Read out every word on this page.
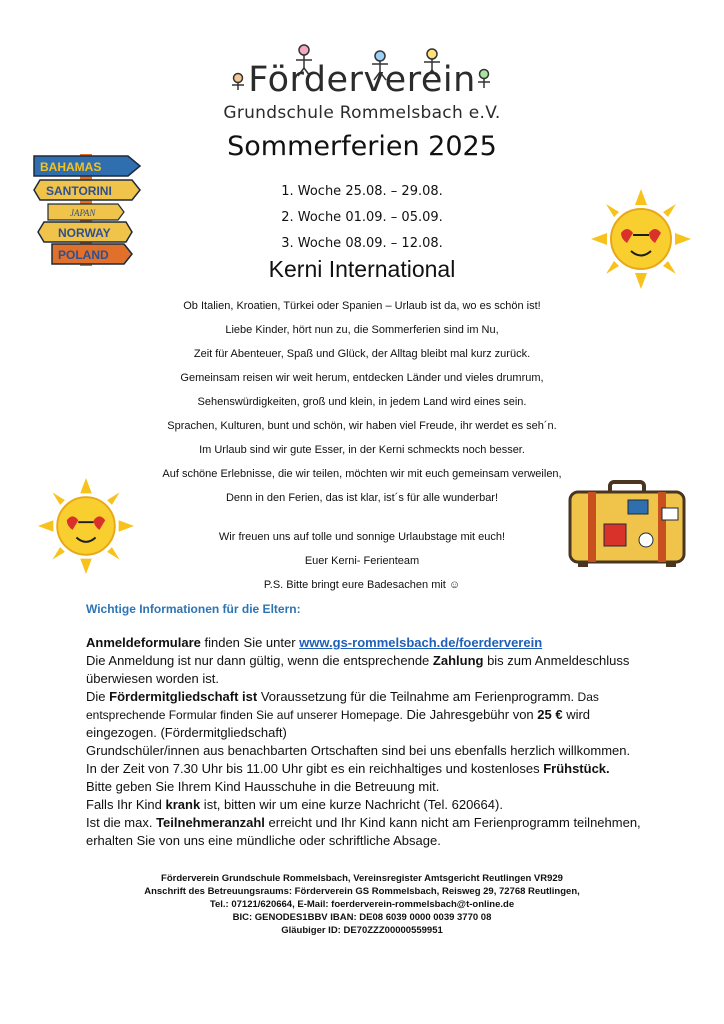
Förderverein
Grundschule Rommelsbach e.V.
Sommerferien 2025
1. Woche 25.08. – 29.08.
2. Woche 01.09. – 05.09.
3. Woche 08.09. – 12.08.
BAHAMAS
SANTORINI
JAPAN
NORWAY
POLAND
Kerni International
Ob Italien, Kroatien, Türkei oder Spanien – Urlaub ist da, wo es schön ist!
Liebe Kinder, hört nun zu, die Sommerferien sind im Nu,
Zeit für Abenteuer, Spaß und Glück, der Alltag bleibt mal kurz zurück.
Gemeinsam reisen wir weit herum, entdecken Länder und vieles drumrum,
Sehenswürdigkeiten, groß und klein, in jedem Land wird eines sein.
Sprachen, Kulturen, bunt und schön, wir haben viel Freude, ihr werdet es seh´n.
Im Urlaub sind wir gute Esser, in der Kerni schmeckts noch besser.
Auf schöne Erlebnisse, die wir teilen, möchten wir mit euch gemeinsam verweilen,
Denn in den Ferien, das ist klar, ist´s für alle wunderbar!
Wir freuen uns auf tolle und sonnige Urlaubstage mit euch!
Euer Kerni- Ferienteam
P.S. Bitte bringt eure Badesachen mit ☺
Wichtige Informationen für die Eltern:

Anmeldeformulare finden Sie unter www.gs-rommelsbach.de/foerderverein

Die Anmeldung ist nur dann gültig, wenn die entsprechende Zahlung bis zum Anmeldeschluss überwiesen worden ist.

Die Fördermitgliedschaft ist Voraussetzung für die Teilnahme am Ferienprogramm. Das entsprechende Formular finden Sie auf unserer Homepage. Die Jahresgebühr von 25 € wird eingezogen. (Fördermitgliedschaft)

Grundschüler/innen aus benachbarten Ortschaften sind bei uns ebenfalls herzlich willkommen.

In der Zeit von 7.30 Uhr bis 11.00 Uhr gibt es ein reichhaltiges und kostenloses Frühstück.

Bitte geben Sie Ihrem Kind Hausschuhe in die Betreuung mit.

Falls Ihr Kind krank ist, bitten wir um eine kurze Nachricht (Tel. 620664).

Ist die max. Teilnehmeranzahl erreicht und Ihr Kind kann nicht am Ferienprogramm teilnehmen, erhalten Sie von uns eine mündliche oder schriftliche Absage.

Förderverein Grundschule Rommelsbach, Vereinsregister Amtsgericht Reutlingen VR929
Anschrift des Betreuungsraums: Förderverein GS Rommelsbach, Reisweg 29, 72768 Reutlingen,
Tel.: 07121/620664, E-Mail: foerderverein-rommelsbach@t-online.de
BIC: GENODES1BBV IBAN: DE08 6039 0000 0039 3770 08
Gläubiger ID: DE70ZZZ00000559951
